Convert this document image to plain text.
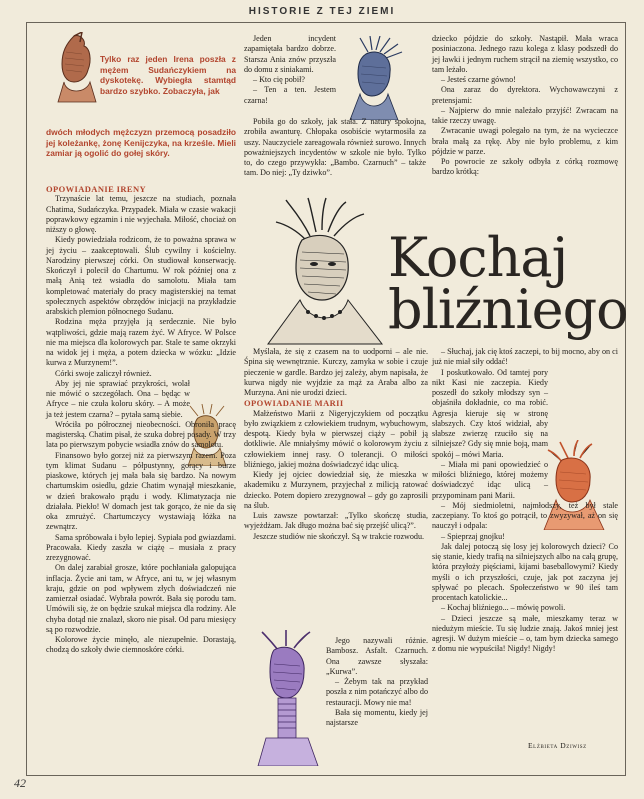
HISTORIE Z TEJ ZIEMI
Tylko raz jeden Irena poszła z mężem Sudańczykiem na dyskotekę. Wybiegła stamtąd bardzo szybko. Zobaczyła, jak
dwóch młodych mężczyzn przemocą posadziło jej koleżankę, żonę Kenijczyka, na krześle. Mieli zamiar ją ogolić do gołej skóry.

OPOWIADANIE IRENY

Trzynaście lat temu, jeszcze na studiach, poznała Chatima, Sudańczyka. Przypadek. Miała w czasie wakacji poprawkowy egzamin i nie wyjechała. Miłość, chociaż on niższy o głowę.

Kiedy powiedziała rodzicom, że to poważna sprawa w jej życiu – zaakceptowali. Ślub cywilny i kościelny. Narodziny pierwszej córki. On studiował konserwację. Skończył i polecił do Chartumu. W rok później ona z małą Anią też wsiadła do samolotu. Miała tam kompletować materiały do pracy magisterskiej na temat społecznych aspektów obrzędów inicjacji na przykładzie arabskich plemion północnego Sudanu.

Rodzina męża przyjęła ją serdecznie. Nie było wątpliwości, gdzie mają razem żyć. W Afryce. W Polsce nie ma miejsca dla kolorowych par. Stale te same okrzyki na widok jej i męża, a potem dziecka w wózku: „Idzie kurwa z Murzynem!”.

Córki swoje zaliczył również.

Aby jej nie sprawiać przykrości, wolał nie mówić o szczegółach. Ona – będąc w Afryce – nie czuła koloru skóry. – A może ja też jestem czarna? – pytała samą siebie.

Wróciła po półrocznej nieobecności. Obroniła pracę magisterską. Chatim pisał, że szuka dobrej posady. W trzy lata po pierwszym pobycie wsiadła znów do samolotu.

Finansowo było gorzej niż za pierwszym razem. Poza tym klimat Sudanu – półpustynny, gorący i burze piaskowe, których jej mała bała się bardzo. Na nowym chartumskim osiedlu, gdzie Chatim wynajął mieszkanie, w dzień brakowało prądu i wody. Klimatyzacja nie działała. Piekło! W domach jest tak gorąco, że nie da się oka zmrużyć. Chartumczycy wystawiają łóżka na zewnątrz.

Sama spróbowała i było lepiej. Sypiała pod gwiazdami. Pracowała. Kiedy zaszła w ciążę – musiała z pracy zrezygnować.

On dalej zarabiał grosze, które pochłaniała galopująca inflacja. Życie ani tam, w Afryce, ani tu, w jej własnym kraju, gdzie on pod wpływem złych doświadczeń nie zamierzał osiadać. Wybrała powrót. Bała się porodu tam. Umówili się, że on będzie szukał miejsca dla rodziny. Ale chyba dotąd nie znalazł, skoro nie pisał. Od paru miesięcy są po rozwodzie.

Kolorowe życie minęło, ale niezupełnie. Dorastają, chodzą do szkoły dwie ciemnoskóre córki.

Jeden incydent zapamiętała bardzo dobrze. Starsza Ania znów przyszła do domu z siniakami.

– Kto cię pobił?

– Ten a ten. Jestem czarna!

Pobiła go do szkoły, jak stała. Z natury spokojna, zrobiła awanturę. Chłopaka osobiście wytarmosiła za uszy. Nauczyciele zareagowała również surowo. Innych poważniejszych incydentów w szkole nie było. Tylko to, do czego przywykła: „Bambo. Czarnuch” – także tam. Do niej: „Ty dziwko”.

dziecko pójdzie do szkoły. Nastąpił. Mała wraca posiniaczona. Jednego razu kolega z klasy podszedł do jej ławki i jednym ruchem strącił na ziemię wszystko, co tam leżało.

– Jesteś czarne gówno!

Ona zaraz do dyrektora. Wychowawczyni z pretensjami:

– Najpierw do mnie należało przyjść! Zwracam na takie rzeczy uwagę.

Zwracanie uwagi polegało na tym, że na wycieczce brała małą za rękę. Aby nie było problemu, z kim pójdzie w parze.

Po powrocie ze szkoły odbyła z córką rozmowę bardzo krótką:

Kochaj
bliźniego

Myślała, że się z czasem na to uodporni – ale nie. Śpina się wewnętrznie. Kurczy, zamyka w sobie i czuje pieczenie w gardle. Bardzo jej zależy, abym napisała, że kurwa nigdy nie wyjdzie za mąż za Araba albo za Murzyna. Ani nie urodzi dzieci.

OPOWIADANIE MARII

Małżeństwo Marii z Nigeryjczykiem od początku było związkiem z człowiekiem trudnym, wybuchowym, despotą. Kiedy była w pierwszej ciąży – pobił ją dotkliwie. Ale mniałyśmy mówić o kolorowym życiu z człowiekiem innej rasy. O tolerancji. O miłości bliźniego, jakiej można doświadczyć idąc ulicą.

Kiedy jej ojciec dowiedział się, że mieszka w akademiku z Murzynem, przyjechał z milicją ratować dziecko. Potem dopiero zrezygnował – gdy go zaprosili na ślub.

Luis zawsze powtarzał: „Tylko skończę studia, wyjeżdżam. Jak długo można bać się przejść ulicą?”.

Jeszcze studiów nie skończył. Są w trakcie rozwodu.

Jego nazywali różnie. Bambosz. Asfalt. Czarnuch. Ona zawsze słyszała: „Kurwa”.

– Żebym tak na przykład poszła z nim potańczyć albo do restauracji. Mowy nie ma!

Bała się momentu, kiedy jej najstarsze

– Słuchaj, jak cię ktoś zaczepi, to bij mocno, aby on ci już nie miał siły oddać!

I poskutkowało. Od tamtej pory nikt Kasi nie zaczepia. Kiedy poszedł do szkoły młodszy syn – objaśniła dokładnie, co ma robić. Agresja kieruje się w stronę słabszych. Czy ktoś widział, aby słabsze zwierzę rzuciło się na silniejsze? Gdy się mnie boją, mam spokój – mówi Maria.

– Miała mi pani opowiedzieć o miłości bliźniego, której możemy doświadczyć idąc ulicą – przypominam pani Marii.

– Mój siedmioletni, najmłodszy, też był stale zaczepiany. To ktoś go potrącił, to zwyzywał, aż on się nauczył i odpala:

– Spieprzaj gnojku!

Jak dalej potoczą się losy jej kolorowych dzieci? Co się stanie, kiedy trafią na silniejszych albo na całą grupę, która przyłoży pięściami, kijami baseballowymi? Kiedy myśli o ich przyszłości, czuje, jak pot zaczyna jej spływać po plecach. Społeczeństwo w 90 ileś tam procentach katolickie...

– Kochaj bliźniego... – mówię powoli.

– Dzieci jeszcze są małe, mieszkamy teraz w niedużym mieście. Tu się ludzie znają. Jakoś mniej jest agresji. W dużym mieście – o, tam bym dziecka samego z domu nie wypuściła! Nigdy! Nigdy!

Elżbieta Dziwisz
42
